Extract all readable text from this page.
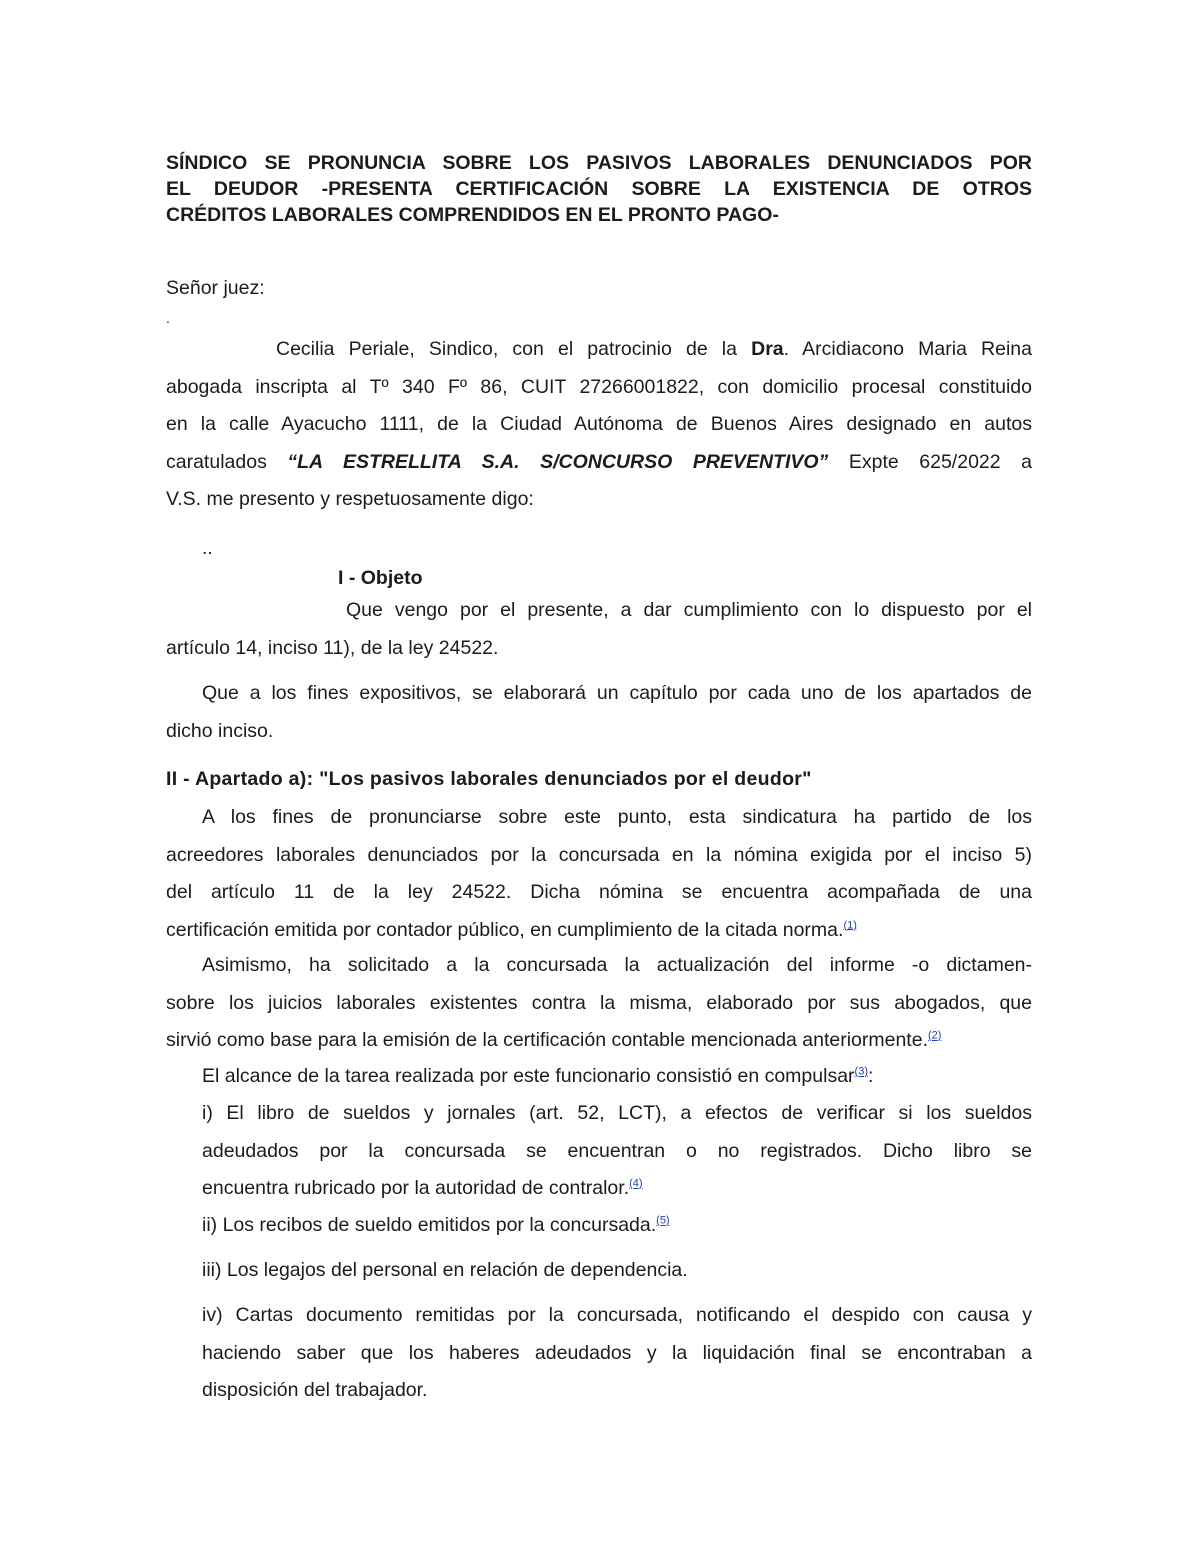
SÍNDICO SE PRONUNCIA SOBRE LOS PASIVOS LABORALES DENUNCIADOS POR
EL DEUDOR -PRESENTA CERTIFICACIÓN SOBRE LA EXISTENCIA DE OTROS
CRÉDITOS LABORALES COMPRENDIDOS EN EL PRONTO PAGO-

Señor juez:

.

Cecilia Periale, Sindico, con el patrocinio de la Dra. Arcidiacono Maria Reina
abogada inscripta al Tº 340 Fº 86, CUIT 27266001822, con domicilio procesal constituido
en la calle Ayacucho 1111, de la Ciudad Autónoma de Buenos Aires designado en autos
caratulados “LA ESTRELLITA S.A. S/CONCURSO PREVENTIVO” Expte 625/2022 a
V.S. me presento y respetuosamente digo:

..

I - Objeto

Que vengo por el presente, a dar cumplimiento con lo dispuesto por el
artículo 14, inciso 11), de la ley 24522.
Que a los fines expositivos, se elaborará un capítulo por cada uno de los apartados de
dicho inciso.

II - Apartado a): "Los pasivos laborales denunciados por el deudor"

A los fines de pronunciarse sobre este punto, esta sindicatura ha partido de los
acreedores laborales denunciados por la concursada en la nómina exigida por el inciso 5)
del artículo 11 de la ley 24522. Dicha nómina se encuentra acompañada de una
certificación emitida por contador público, en cumplimiento de la citada norma.$^{(1)}$
Asimismo, ha solicitado a la concursada la actualización del informe -o dictamen-
sobre los juicios laborales existentes contra la misma, elaborado por sus abogados, que
sirvió como base para la emisión de la certificación contable mencionada anteriormente.$^{(2)}$

El alcance de la tarea realizada por este funcionario consistió en compulsar$^{(3)}$:

i) El libro de sueldos y jornales (art. 52, LCT), a efectos de verificar si los sueldos
adeudados por la concursada se encuentran o no registrados. Dicho libro se
encuentra rubricado por la autoridad de contralor.$^{(4)}$

ii) Los recibos de sueldo emitidos por la concursada.$^{(5)}$

iii) Los legajos del personal en relación de dependencia.

iv) Cartas documento remitidas por la concursada, notificando el despido con causa y
haciendo saber que los haberes adeudados y la liquidación final se encontraban a
disposición del trabajador.
